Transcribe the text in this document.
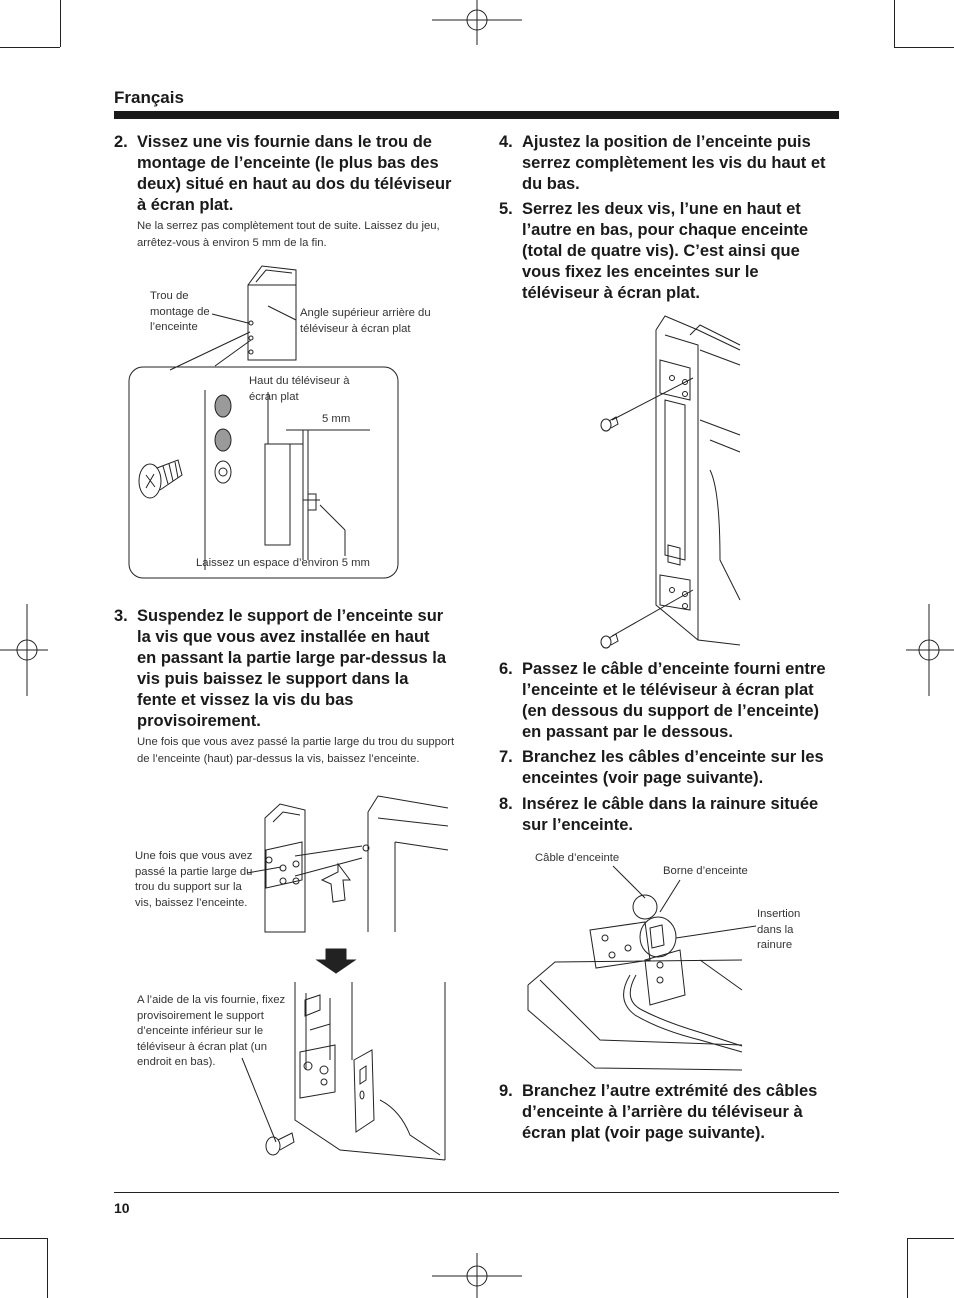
Français
2. Vissez une vis fournie dans le trou de montage de l’enceinte (le plus bas des deux) situé en haut au dos du téléviseur à écran plat.
Ne la serrez pas complètement tout de suite. Laissez du jeu, arrêtez-vous à environ 5 mm de la fin.
Trou de montage de l’enceinte
Angle supérieur arrière du téléviseur à écran plat
Haut du téléviseur à écran plat
5 mm
Laissez un espace d’environ 5 mm
3. Suspendez le support de l’enceinte sur la vis que vous avez installée en haut en passant la partie large par-dessus la vis puis baissez le support dans la fente et vissez la vis du bas provisoirement.
Une fois que vous avez passé la partie large du trou du support de l’enceinte (haut) par-dessus la vis, baissez l’enceinte.
Une fois que vous avez passé la partie large du trou du support sur la vis, baissez l’enceinte.
A l’aide de la vis fournie, fixez provisoirement le support d’enceinte inférieur sur le téléviseur à écran plat (un endroit en bas).
4. Ajustez la position de l’enceinte puis serrez complètement les vis du haut et du bas.
5. Serrez les deux vis, l’une en haut et l’autre en bas, pour chaque enceinte (total de quatre vis). C’est ainsi que vous fixez les enceintes sur le téléviseur à écran plat.
6. Passez le câble d’enceinte fourni entre l’enceinte et le téléviseur à écran plat (en dessous du support de l’enceinte) en passant par le dessous.
7. Branchez les câbles d’enceinte sur les enceintes (voir page suivante).
8. Insérez le câble dans la rainure située sur l’enceinte.
Câble d’enceinte
Borne d’enceinte
Insertion dans la rainure
9. Branchez l’autre extrémité des câbles d’enceinte à l’arrière du téléviseur à écran plat (voir page suivante).
10
